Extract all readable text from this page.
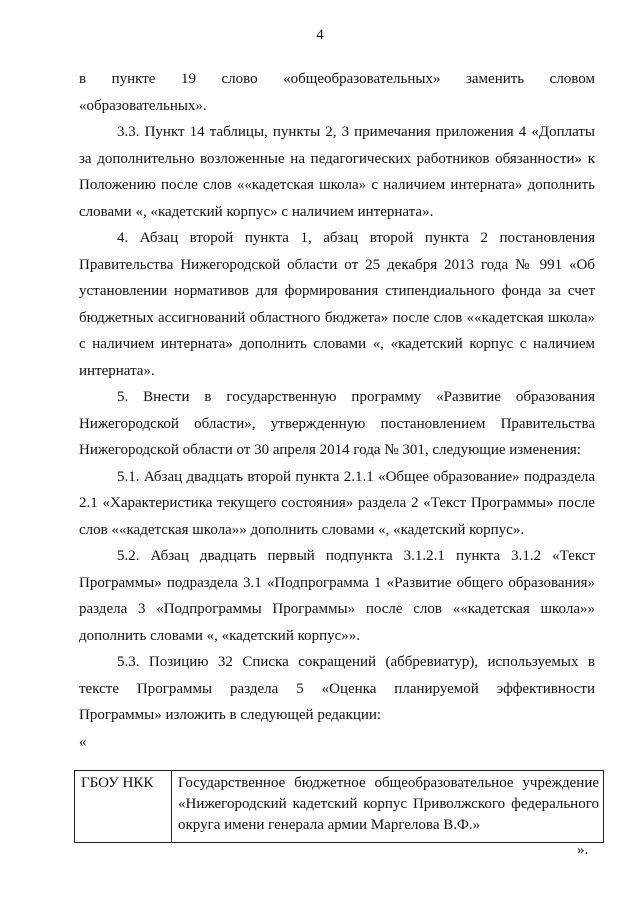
4

в пункте 19 слово «общеобразовательных» заменить словом «образовательных».

3.3. Пункт 14 таблицы, пункты 2, 3 примечания приложения 4 «Доплаты за дополнительно возложенные на педагогических работников обязанности» к Положению после слов ««кадетская школа» с наличием интерната» дополнить словами «, «кадетский корпус» с наличием интерната».

4. Абзац второй пункта 1, абзац второй пункта 2 постановления Правительства Нижегородской области от 25 декабря 2013 года № 991 «Об установлении нормативов для формирования стипендиального фонда за счет бюджетных ассигнований областного бюджета» после слов ««кадетская школа» с наличием интерната» дополнить словами «, «кадетский корпус с наличием интерната».

5. Внести в государственную программу «Развитие образования Нижегородской области», утвержденную постановлением Правительства Нижегородской области от 30 апреля 2014 года № 301, следующие изменения:

5.1. Абзац двадцать второй пункта 2.1.1 «Общее образование» подраздела 2.1 «Характеристика текущего состояния» раздела 2 «Текст Программы» после слов ««кадетская школа»» дополнить словами «, «кадетский корпус».

5.2. Абзац двадцать первый подпункта 3.1.2.1 пункта 3.1.2 «Текст Программы» подраздела 3.1 «Подпрограмма 1 «Развитие общего образования» раздела 3 «Подпрограммы Программы» после слов ««кадетская школа»» дополнить словами «, «кадетский корпус»».

5.3. Позицию 32 Списка сокращений (аббревиатур), используемых в тексте Программы раздела 5 «Оценка планируемой эффективности Программы» изложить в следующей редакции:

«

ГБОУ НКК	Государственное бюджетное общеобразовательное учреждение «Нижегородский кадетский корпус Приволжского федерального округа имени генерала армии Маргелова В.Ф.»
».
